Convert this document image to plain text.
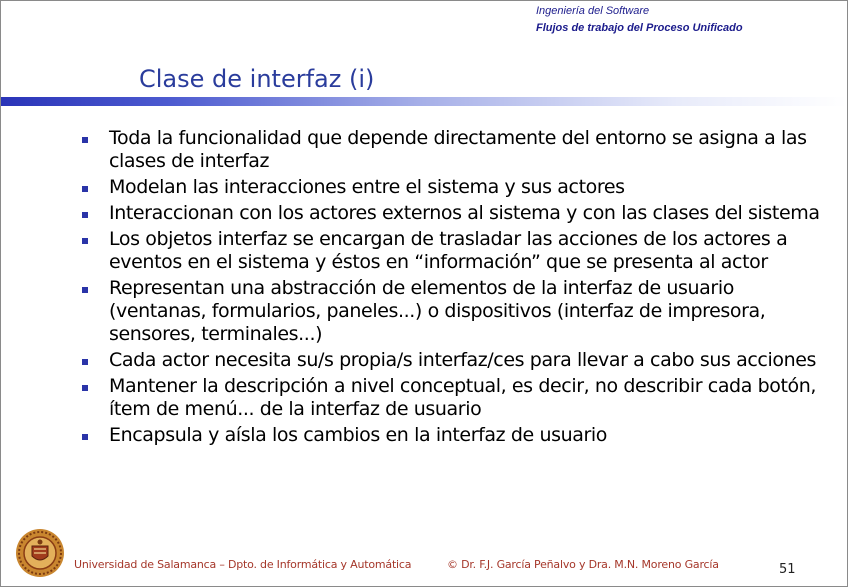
Ingeniería del Software
Flujos de trabajo del Proceso Unificado
Clase de interfaz (i)
Toda la funcionalidad que depende directamente del entorno se asigna a las clases de interfaz
Modelan las interacciones entre el sistema y sus actores
Interaccionan con los actores externos al sistema y con las clases del sistema
Los objetos interfaz se encargan de trasladar las acciones de los actores a eventos en el sistema y éstos en “información” que se presenta al actor
Representan una abstracción de elementos de la interfaz de usuario (ventanas, formularios, paneles...) o dispositivos (interfaz de impresora, sensores, terminales...)
Cada actor necesita su/s propia/s interfaz/ces para llevar a cabo sus acciones
Mantener la descripción a nivel conceptual, es decir, no describir cada botón, ítem de menú... de la interfaz de usuario
Encapsula y aísla los cambios en la interfaz de usuario
Universidad de Salamanca – Dpto. de Informática y Automática	© Dr. F.J. García Peñalvo y Dra. M.N. Moreno García	51
